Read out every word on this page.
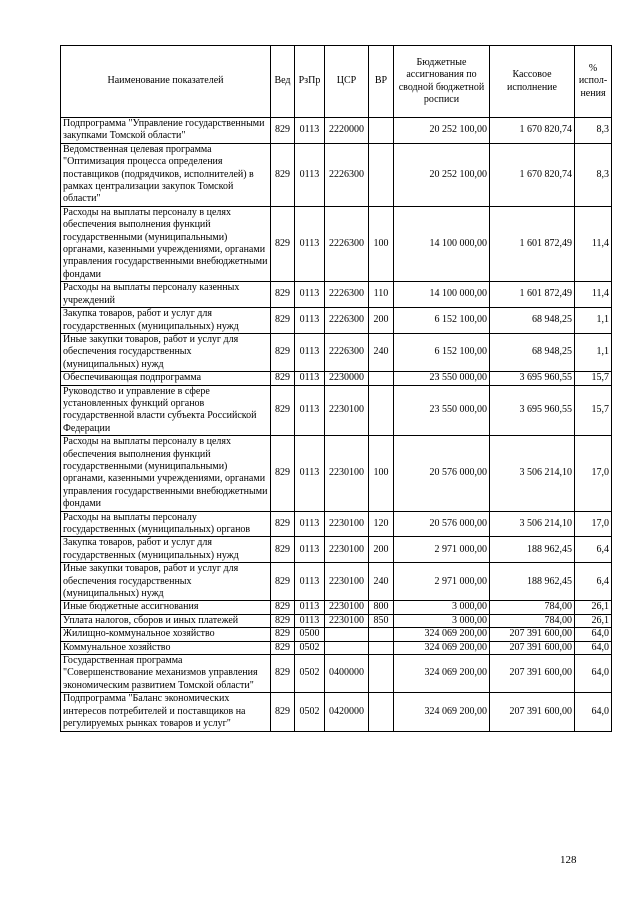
Наименование показателей	Вед	РзПр	ЦСР	ВР	Бюджетные ассигнования по сводной бюджетной росписи	Кассовое исполнение	% испол-нения
Подпрограмма "Управление государственными закупками Томской области"	829	0113	2220000		20 252 100,00	1 670 820,74	8,3
Ведомственная целевая программа "Оптимизация процесса определения поставщиков (подрядчиков, исполнителей) в рамках централизации закупок Томской области"	829	0113	2226300		20 252 100,00	1 670 820,74	8,3
Расходы на выплаты персоналу в целях обеспечения выполнения функций государственными (муниципальными) органами, казенными учреждениями, органами управления государственными внебюджетными фондами	829	0113	2226300	100	14 100 000,00	1 601 872,49	11,4
Расходы на выплаты персоналу казенных учреждений	829	0113	2226300	110	14 100 000,00	1 601 872,49	11,4
Закупка товаров, работ и услуг для государственных (муниципальных) нужд	829	0113	2226300	200	6 152 100,00	68 948,25	1,1
Иные закупки товаров, работ и услуг для обеспечения государственных (муниципальных) нужд	829	0113	2226300	240	6 152 100,00	68 948,25	1,1
Обеспечивающая подпрограмма	829	0113	2230000		23 550 000,00	3 695 960,55	15,7
Руководство и управление в сфере установленных функций органов государственной власти субъекта Российской Федерации	829	0113	2230100		23 550 000,00	3 695 960,55	15,7
Расходы на выплаты персоналу в целях обеспечения выполнения функций государственными (муниципальными) органами, казенными учреждениями, органами управления государственными внебюджетными фондами	829	0113	2230100	100	20 576 000,00	3 506 214,10	17,0
Расходы на выплаты персоналу государственных (муниципальных) органов	829	0113	2230100	120	20 576 000,00	3 506 214,10	17,0
Закупка товаров, работ и услуг для государственных (муниципальных) нужд	829	0113	2230100	200	2 971 000,00	188 962,45	6,4
Иные закупки товаров, работ и услуг для обеспечения государственных (муниципальных) нужд	829	0113	2230100	240	2 971 000,00	188 962,45	6,4
Иные бюджетные ассигнования	829	0113	2230100	800	3 000,00	784,00	26,1
Уплата налогов, сборов и иных платежей	829	0113	2230100	850	3 000,00	784,00	26,1
Жилищно-коммунальное хозяйство	829	0500			324 069 200,00	207 391 600,00	64,0
Коммунальное хозяйство	829	0502			324 069 200,00	207 391 600,00	64,0
Государственная программа "Совершенствование механизмов управления экономическим развитием Томской области"	829	0502	0400000		324 069 200,00	207 391 600,00	64,0
Подпрограмма "Баланс экономических интересов потребителей и поставщиков на регулируемых рынках товаров и услуг"	829	0502	0420000		324 069 200,00	207 391 600,00	64,0
128
